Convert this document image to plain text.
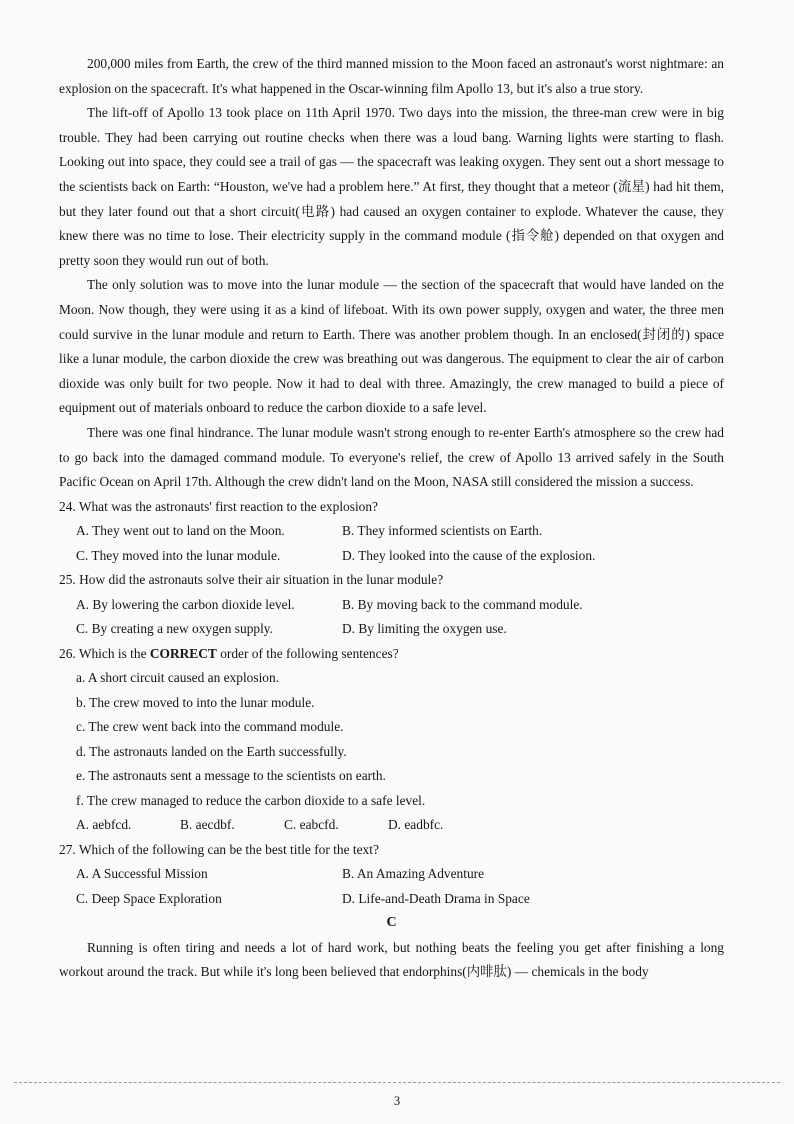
200,000 miles from Earth, the crew of the third manned mission to the Moon faced an astronaut's worst nightmare: an explosion on the spacecraft. It's what happened in the Oscar-winning film Apollo 13, but it's also a true story.

The lift-off of Apollo 13 took place on 11th April 1970. Two days into the mission, the three-man crew were in big trouble. They had been carrying out routine checks when there was a loud bang. Warning lights were starting to flash. Looking out into space, they could see a trail of gas — the spacecraft was leaking oxygen. They sent out a short message to the scientists back on Earth: “Houston, we've had a problem here.” At first, they thought that a meteor (流星) had hit them, but they later found out that a short circuit(电路) had caused an oxygen container to explode. Whatever the cause, they knew there was no time to lose. Their electricity supply in the command module (指令舱) depended on that oxygen and pretty soon they would run out of both.

The only solution was to move into the lunar module — the section of the spacecraft that would have landed on the Moon. Now though, they were using it as a kind of lifeboat. With its own power supply, oxygen and water, the three men could survive in the lunar module and return to Earth. There was another problem though. In an enclosed(封闭的) space like a lunar module, the carbon dioxide the crew was breathing out was dangerous. The equipment to clear the air of carbon dioxide was only built for two people. Now it had to deal with three. Amazingly, the crew managed to build a piece of equipment out of materials onboard to reduce the carbon dioxide to a safe level.

There was one final hindrance. The lunar module wasn't strong enough to re-enter Earth's atmosphere so the crew had to go back into the damaged command module. To everyone's relief, the crew of Apollo 13 arrived safely in the South Pacific Ocean on April 17th. Although the crew didn't land on the Moon, NASA still considered the mission a success.

24. What was the astronauts' first reaction to the explosion?

A. They went out to land on the Moon.	B. They informed scientists on Earth.
C. They moved into the lunar module.	D. They looked into the cause of the explosion.

25. How did the astronauts solve their air situation in the lunar module?

A. By lowering the carbon dioxide level.	B. By moving back to the command module.
C. By creating a new oxygen supply.	D. By limiting the oxygen use.

26. Which is the CORRECT order of the following sentences?

a. A short circuit caused an explosion.

b. The crew moved to into the lunar module.

c. The crew went back into the command module.

d. The astronauts landed on the Earth successfully.

e. The astronauts sent a message to the scientists on earth.

f. The crew managed to reduce the carbon dioxide to a safe level.

A. aebfcd.	B. aecdbf.	C. eabcfd.	D. eadbfc.

27. Which of the following can be the best title for the text?

A. A Successful Mission	B. An Amazing Adventure
C. Deep Space Exploration	D. Life-and-Death Drama in Space
C

Running is often tiring and needs a lot of hard work, but nothing beats the feeling you get after finishing a long workout around the track. But while it's long been believed that endorphins(内啡肽) — chemicals in the body

3
